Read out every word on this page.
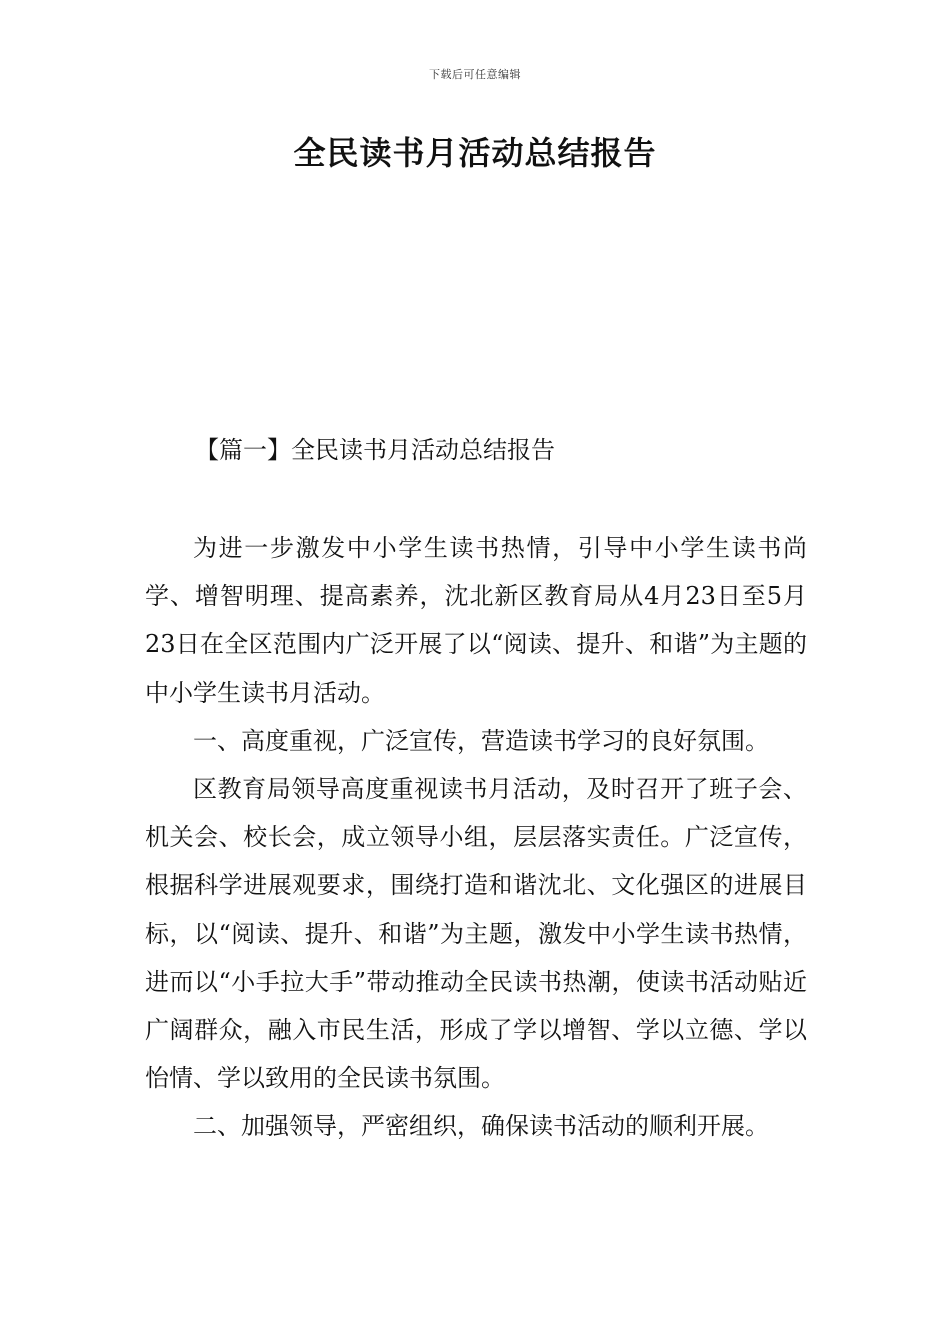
下载后可任意编辑
全民读书月活动总结报告
【篇一】全民读书月活动总结报告

为进一步激发中小学生读书热情，引导中小学生读书尚学、增智明理、提高素养，沈北新区教育局从4月23日至5月23日在全区范围内广泛开展了以“阅读、提升、和谐”为主题的中小学生读书月活动。

一、高度重视，广泛宣传，营造读书学习的良好氛围。

区教育局领导高度重视读书月活动，及时召开了班子会、机关会、校长会，成立领导小组，层层落实责任。广泛宣传，根据科学进展观要求，围绕打造和谐沈北、文化强区的进展目标，以“阅读、提升、和谐”为主题，激发中小学生读书热情，进而以“小手拉大手”带动推动全民读书热潮，使读书活动贴近广阔群众，融入市民生活，形成了学以增智、学以立德、学以怡情、学以致用的全民读书氛围。

二、加强领导，严密组织，确保读书活动的顺利开展。
